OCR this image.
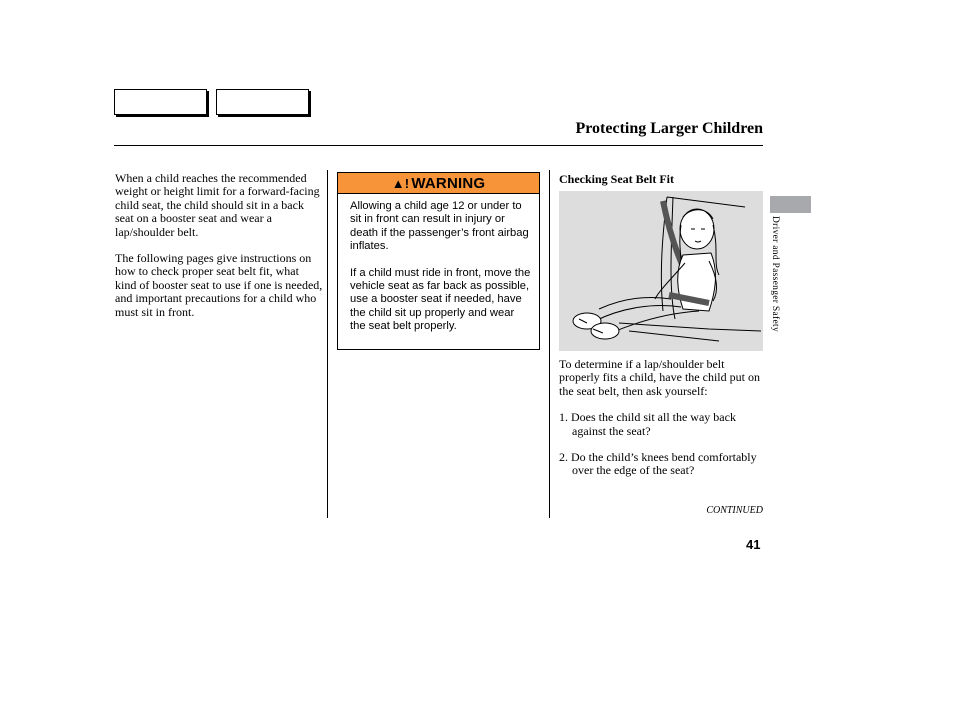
Protecting Larger Children

When a child reaches the recommended weight or height limit for a forward-facing child seat, the child should sit in a back seat on a booster seat and wear a lap/shoulder belt.

The following pages give instructions on how to check proper seat belt fit, what kind of booster seat to use if one is needed, and important precautions for a child who must sit in front.

▲! WARNING

Allowing a child age 12 or under to sit in front can result in injury or death if the passenger’s front airbag inflates.

If a child must ride in front, move the vehicle seat as far back as possible, use a booster seat if needed, have the child sit up properly and wear the seat belt properly.

Checking Seat Belt Fit

To determine if a lap/shoulder belt properly fits a child, have the child put on the seat belt, then ask yourself:

1. Does the child sit all the way back against the seat?

2. Do the child’s knees bend comfortably over the edge of the seat?

CONTINUED
41
Driver and Passenger Safety
